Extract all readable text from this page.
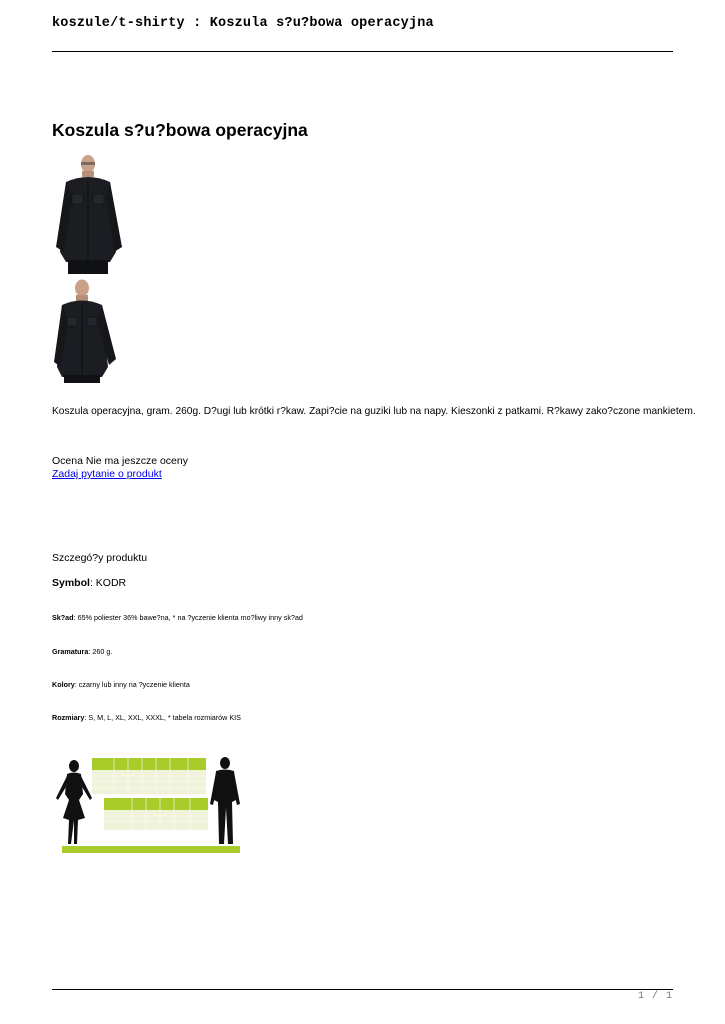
koszule/t-shirty : Koszula s?u?bowa operacyjna
Koszula s?u?bowa operacyjna
Koszula operacyjna, gram. 260g. D?ugi lub krótki r?kaw. Zapi?cie na guziki lub na napy. Kieszonki z patkami. R?kawy zako?czone mankietem.
Ocena Nie ma jeszcze oceny
Zadaj pytanie o produkt
Szczegó?y produktu
Symbol: KODR
Sk?ad: 65% poliester 36% bawe?na, * na ?yczenie klienta mo?liwy inny sk?ad
Gramatura: 260 g.
Kolory: czarny lub inny na ?yczenie klienta
Rozmiary: S, M, L, XL, XXL, XXXL, * tabela rozmiarów KIS
1 / 1
